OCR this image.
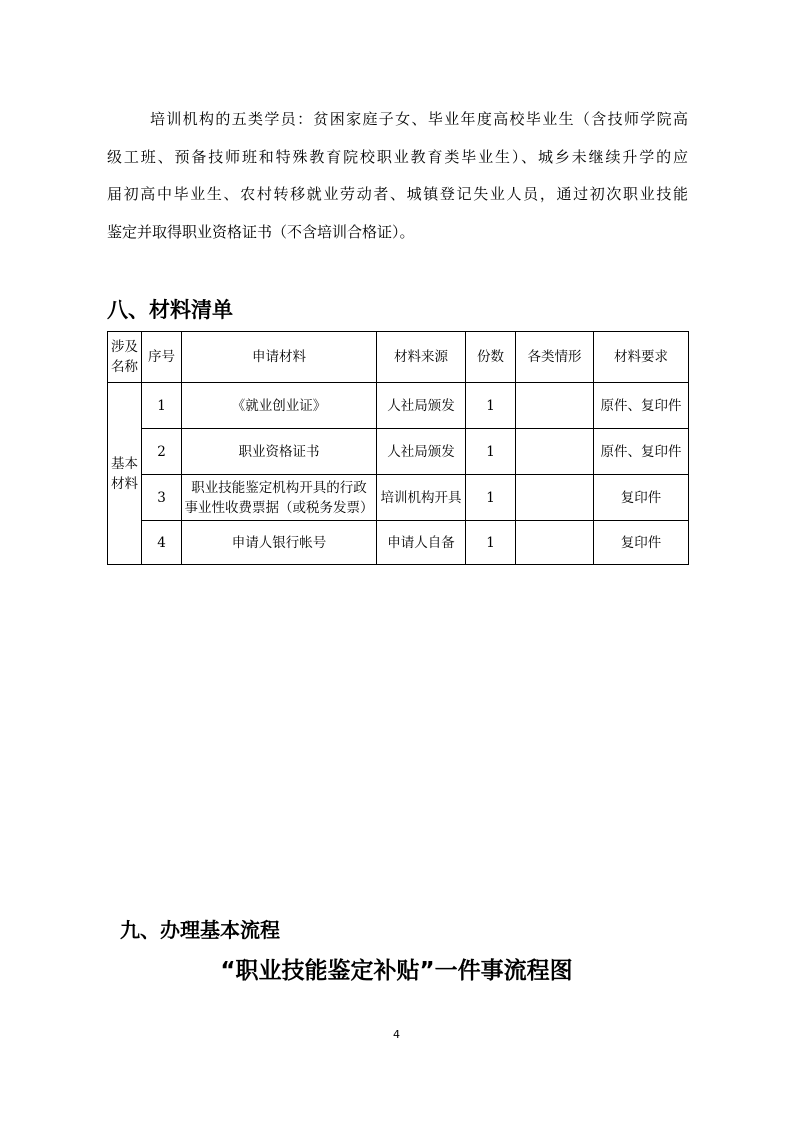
培训机构的五类学员：贫困家庭子女、毕业年度高校毕业生（含技师学院高
级工班、预备技师班和特殊教育院校职业教育类毕业生）、城乡未继续升学的应
届初高中毕业生、农村转移就业劳动者、城镇登记失业人员，通过初次职业技能
鉴定并取得职业资格证书（不含培训合格证）。
八、材料清单
涉及
名称	序号	申请材料	材料来源	份数	各类情形	材料要求

基本
材料	1	《就业创业证》	人社局颁发	1		原件、复印件
	2	职业资格证书	人社局颁发	1		原件、复印件
	3	职业技能鉴定机构开具的行政
事业性收费票据（或税务发票）	培训机构开具	1		复印件
	4	申请人银行帐号	申请人自备	1		复印件
九、办理基本流程
“职业技能鉴定补贴”一件事流程图
4
